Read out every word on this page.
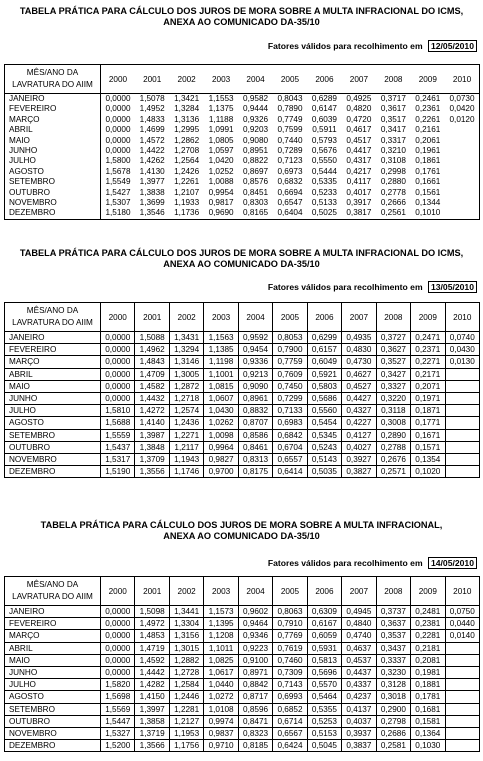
TABELA PRÁTICA PARA CÁLCULO DOS JUROS DE MORA SOBRE A MULTA INFRACIONAL DO ICMS,
ANEXA AO COMUNICADO DA-35/10
Fatores válidos para recolhimento em 12/05/2010
MÊS/ANO DA
LAVRATURA DO AIIM	2000	2001	2002	2003	2004	2005	2006	2007	2008	2009	2010
JANEIRO	0,0000	1,5078	1,3421	1,1553	0,9582	0,8043	0,6289	0,4925	0,3717	0,2461	0,0730
FEVEREIRO	0,0000	1,4952	1,3284	1,1375	0,9444	0,7890	0,6147	0,4820	0,3617	0,2361	0,0420
MARÇO	0,0000	1,4833	1,3136	1,1188	0,9326	0,7749	0,6039	0,4720	0,3517	0,2261	0,0120
ABRIL	0,0000	1,4699	1,2995	1,0991	0,9203	0,7599	0,5911	0,4617	0,3417	0,2161	
MAIO	0,0000	1,4572	1,2862	1,0805	0,9080	0,7440	0,5793	0,4517	0,3317	0,2061	
JUNHO	0,0000	1,4422	1,2708	1,0597	0,8951	0,7289	0,5676	0,4417	0,3210	0,1961	
JULHO	1,5800	1,4262	1,2564	1,0420	0,8822	0,7123	0,5550	0,4317	0,3108	0,1861	
AGOSTO	1,5678	1,4130	1,2426	1,0252	0,8697	0,6973	0,5444	0,4217	0,2998	0,1761	
SETEMBRO	1,5549	1,3977	1,2261	1,0088	0,8576	0,6832	0,5335	0,4117	0,2880	0,1661	
OUTUBRO	1,5427	1,3838	1,2107	0,9954	0,8451	0,6694	0,5233	0,4017	0,2778	0,1561	
NOVEMBRO	1,5307	1,3699	1,1933	0,9817	0,8303	0,6547	0,5133	0,3917	0,2666	0,1344	
DEZEMBRO	1,5180	1,3546	1,1736	0,9690	0,8165	0,6404	0,5025	0,3817	0,2561	0,1010	
TABELA PRÁTICA PARA CÁLCULO DOS JUROS DE MORA SOBRE A MULTA INFRACIONAL DO ICMS,
ANEXA AO COMUNICADO DA-35/10
Fatores válidos para recolhimento em 13/05/2010
MÊS/ANO DA
LAVRATURA DO AIIM	2000	2001	2002	2003	2004	2005	2006	2007	2008	2009	2010
JANEIRO	0,0000	1,5088	1,3431	1,1563	0,9592	0,8053	0,6299	0,4935	0,3727	0,2471	0,0740
FEVEREIRO	0,0000	1,4962	1,3294	1,1385	0,9454	0,7900	0,6157	0,4830	0,3627	0,2371	0,0430
MARÇO	0,0000	1,4843	1,3146	1,1198	0,9336	0,7759	0,6049	0,4730	0,3527	0,2271	0,0130
ABRIL	0,0000	1,4709	1,3005	1,1001	0,9213	0,7609	0,5921	0,4627	0,3427	0,2171	
MAIO	0,0000	1,4582	1,2872	1,0815	0,9090	0,7450	0,5803	0,4527	0,3327	0,2071	
JUNHO	0,0000	1,4432	1,2718	1,0607	0,8961	0,7299	0,5686	0,4427	0,3220	0,1971	
JULHO	1,5810	1,4272	1,2574	1,0430	0,8832	0,7133	0,5560	0,4327	0,3118	0,1871	
AGOSTO	1,5688	1,4140	1,2436	1,0262	0,8707	0,6983	0,5454	0,4227	0,3008	0,1771	
SETEMBRO	1,5559	1,3987	1,2271	1,0098	0,8586	0,6842	0,5345	0,4127	0,2890	0,1671	
OUTUBRO	1,5437	1,3848	1,2117	0,9964	0,8461	0,6704	0,5243	0,4027	0,2788	0,1571	
NOVEMBRO	1,5317	1,3709	1,1943	0,9827	0,8313	0,6557	0,5143	0,3927	0,2676	0,1354	
DEZEMBRO	1,5190	1,3556	1,1746	0,9700	0,8175	0,6414	0,5035	0,3827	0,2571	0,1020	
TABELA PRÁTICA PARA CÁLCULO DOS JUROS DE MORA SOBRE A MULTA INFRACIONAL,
ANEXA AO COMUNICADO DA-35/10
Fatores válidos para recolhimento em 14/05/2010
MÊS/ANO DA
LAVRATURA DO AIIM	2000	2001	2002	2003	2004	2005	2006	2007	2008	2009	2010
JANEIRO	0,0000	1,5098	1,3441	1,1573	0,9602	0,8063	0,6309	0,4945	0,3737	0,2481	0,0750
FEVEREIRO	0,0000	1,4972	1,3304	1,1395	0,9464	0,7910	0,6167	0,4840	0,3637	0,2381	0,0440
MARÇO	0,0000	1,4853	1,3156	1,1208	0,9346	0,7769	0,6059	0,4740	0,3537	0,2281	0,0140
ABRIL	0,0000	1,4719	1,3015	1,1011	0,9223	0,7619	0,5931	0,4637	0,3437	0,2181	
MAIO	0,0000	1,4592	1,2882	1,0825	0,9100	0,7460	0,5813	0,4537	0,3337	0,2081	
JUNHO	0,0000	1,4442	1,2728	1,0617	0,8971	0,7309	0,5696	0,4437	0,3230	0,1981	
JULHO	1,5820	1,4282	1,2584	1,0440	0,8842	0,7143	0,5570	0,4337	0,3128	0,1881	
AGOSTO	1,5698	1,4150	1,2446	1,0272	0,8717	0,6993	0,5464	0,4237	0,3018	0,1781	
SETEMBRO	1,5569	1,3997	1,2281	1,0108	0,8596	0,6852	0,5355	0,4137	0,2900	0,1681	
OUTUBRO	1,5447	1,3858	1,2127	0,9974	0,8471	0,6714	0,5253	0,4037	0,2798	0,1581	
NOVEMBRO	1,5327	1,3719	1,1953	0,9837	0,8323	0,6567	0,5153	0,3937	0,2686	0,1364	
DEZEMBRO	1,5200	1,3566	1,1756	0,9710	0,8185	0,6424	0,5045	0,3837	0,2581	0,1030	
